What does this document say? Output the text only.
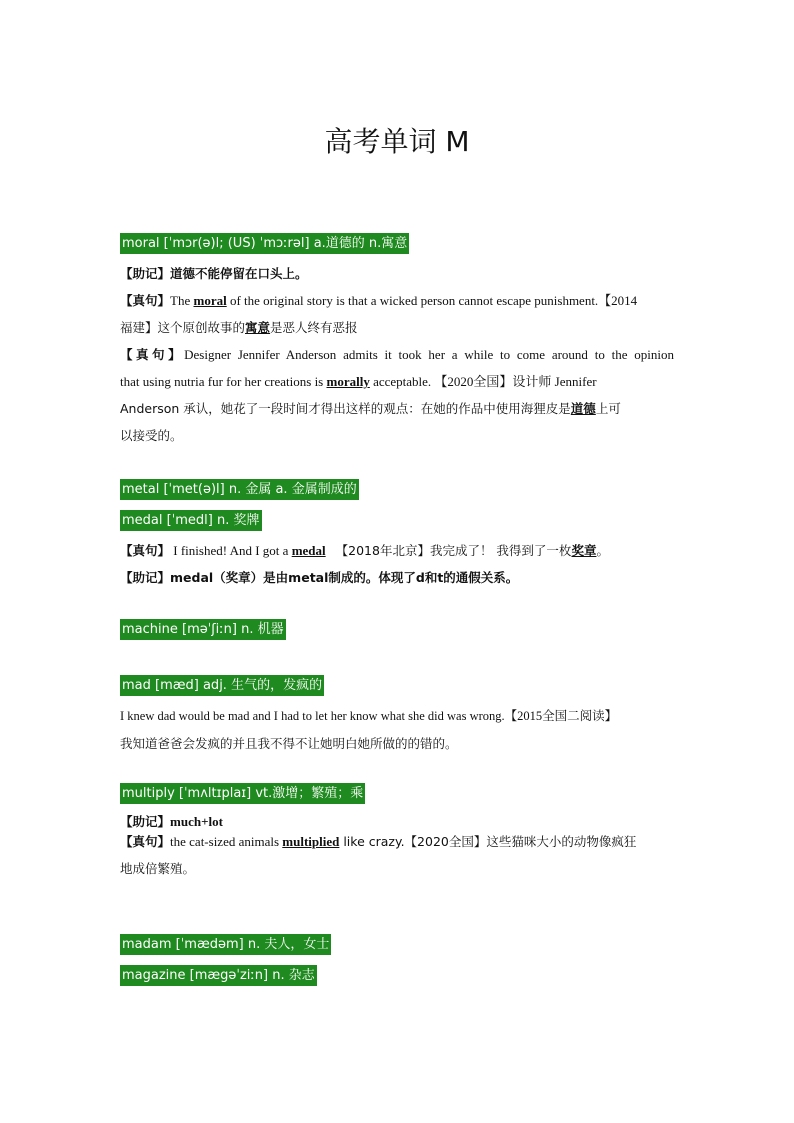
高考单词 M
moral [ˈmɔr(ə)l; (US) ˈmɔːrəl] a.道德的 n.寓意
【助记】道德不能停留在口头上。
【真句】The moral of the original story is that a wicked person cannot escape punishment.【2014
福建】这个原创故事的寓意是恶人终有恶报
【真句】Designer Jennifer Anderson admits it took her a while to come around to the opinion
that using nutria fur for her creations is morally acceptable. 【2020全国】设计师 Jennifer
Anderson 承认，她花了一段时间才得出这样的观点：在她的作品中使用海狸皮是道德上可
以接受的。
metal [ˈmet(ə)l] n. 金属 a. 金属制成的
medal [ˈmedl] n. 奖牌
【真句】 I finished! And I got a medal 【2018年北京】我完成了！ 我得到了一枚奖章。
【助记】medal（奖章）是由metal制成的。体现了d和t的通假关系。
machine [məˈʃiːn] n. 机器
mad [mæd] adj. 生气的，发疯的
I knew dad would be mad and I had to let her know what she did was wrong.【2015全国二阅读】
我知道爸爸会发疯的并且我不得不让她明白她所做的的错的。
multiply [ˈmʌltɪplaɪ] vt.激增；繁殖；乘
【助记】much+lot
【真句】the cat-sized animals multiplied like crazy.【2020全国】这些猫咪大小的动物像疯狂
地成倍繁殖。
madam [ˈmædəm] n. 夫人，女士
magazine [mægəˈziːn] n. 杂志
